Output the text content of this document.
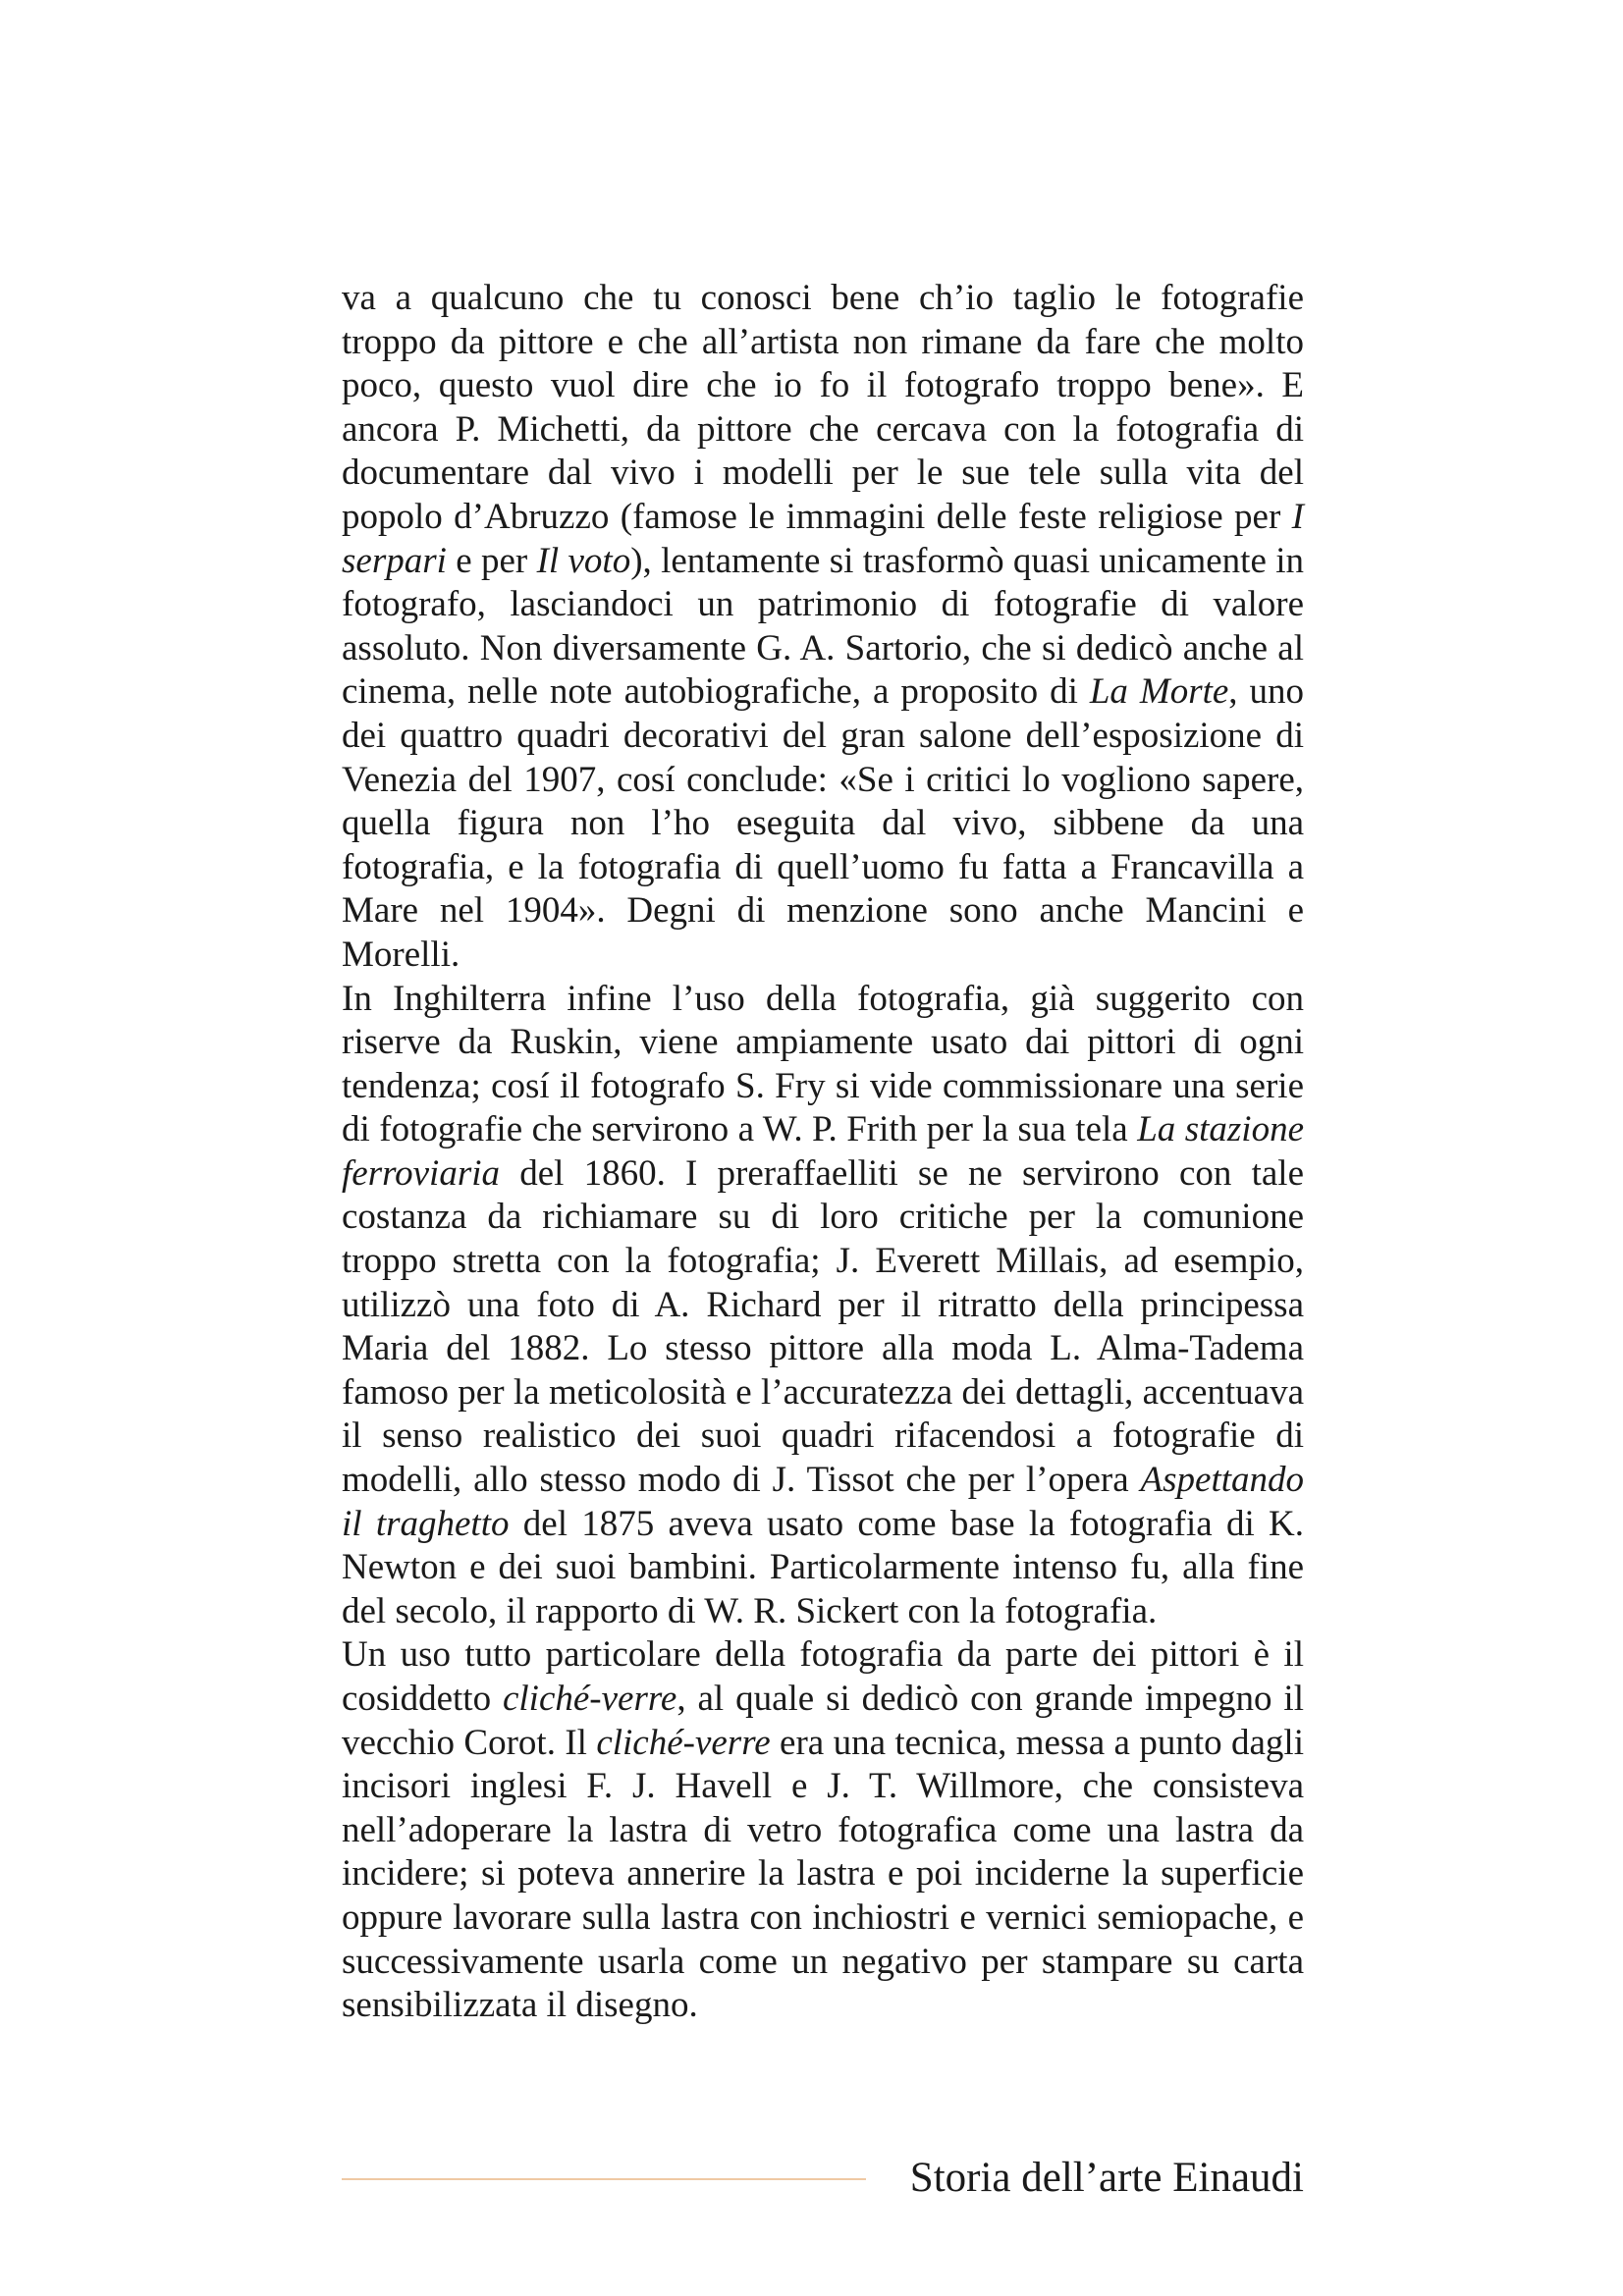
va a qualcuno che tu conosci bene ch’io taglio le fotografie troppo da pittore e che all’artista non rimane da fare che molto poco, questo vuol dire che io fo il fotografo troppo bene». E ancora P. Michetti, da pittore che cercava con la fotografia di documentare dal vivo i modelli per le sue tele sulla vita del popolo d’Abruzzo (famose le immagini delle feste religiose per I serpari e per Il voto), lentamente si trasformò quasi unicamente in fotografo, lasciandoci un patrimonio di fotografie di valore assoluto. Non diversamente G. A. Sartorio, che si dedicò anche al cinema, nelle note autobiografiche, a proposito di La Morte, uno dei quattro quadri decorativi del gran salone dell’esposizione di Venezia del 1907, cosí conclude: «Se i critici lo vogliono sapere, quella figura non l’ho eseguita dal vivo, sibbene da una fotografia, e la fotografia di quell’uomo fu fatta a Francavilla a Mare nel 1904». Degni di menzione sono anche Mancini e Morelli.

In Inghilterra infine l’uso della fotografia, già suggerito con riserve da Ruskin, viene ampiamente usato dai pittori di ogni tendenza; cosí il fotografo S. Fry si vide commissionare una serie di fotografie che servirono a W. P. Frith per la sua tela La stazione ferroviaria del 1860. I preraffaelliti se ne servirono con tale costanza da richiamare su di loro critiche per la comunione troppo stretta con la fotografia; J. Everett Millais, ad esempio, utilizzò una foto di A. Richard per il ritratto della principessa Maria del 1882. Lo stesso pittore alla moda L. Alma-Tadema famoso per la meticolosità e l’accuratezza dei dettagli, accentuava il senso realistico dei suoi quadri rifacendosi a fotografie di modelli, allo stesso modo di J. Tissot che per l’opera Aspettando il traghetto del 1875 aveva usato come base la fotografia di K. Newton e dei suoi bambini. Particolarmente intenso fu, alla fine del secolo, il rapporto di W. R. Sickert con la fotografia.

Un uso tutto particolare della fotografia da parte dei pittori è il cosiddetto cliché-verre, al quale si dedicò con grande impegno il vecchio Corot. Il cliché-verre era una tecnica, messa a punto dagli incisori inglesi F. J. Havell e J. T. Willmore, che consisteva nell’adoperare la lastra di vetro fotografica come una lastra da incidere; si poteva annerire la lastra e poi inciderne la superficie oppure lavorare sulla lastra con inchiostri e vernici semiopache, e successivamente usarla come un negativo per stampare su carta sensibilizzata il disegno.

Storia dell’arte Einaudi
